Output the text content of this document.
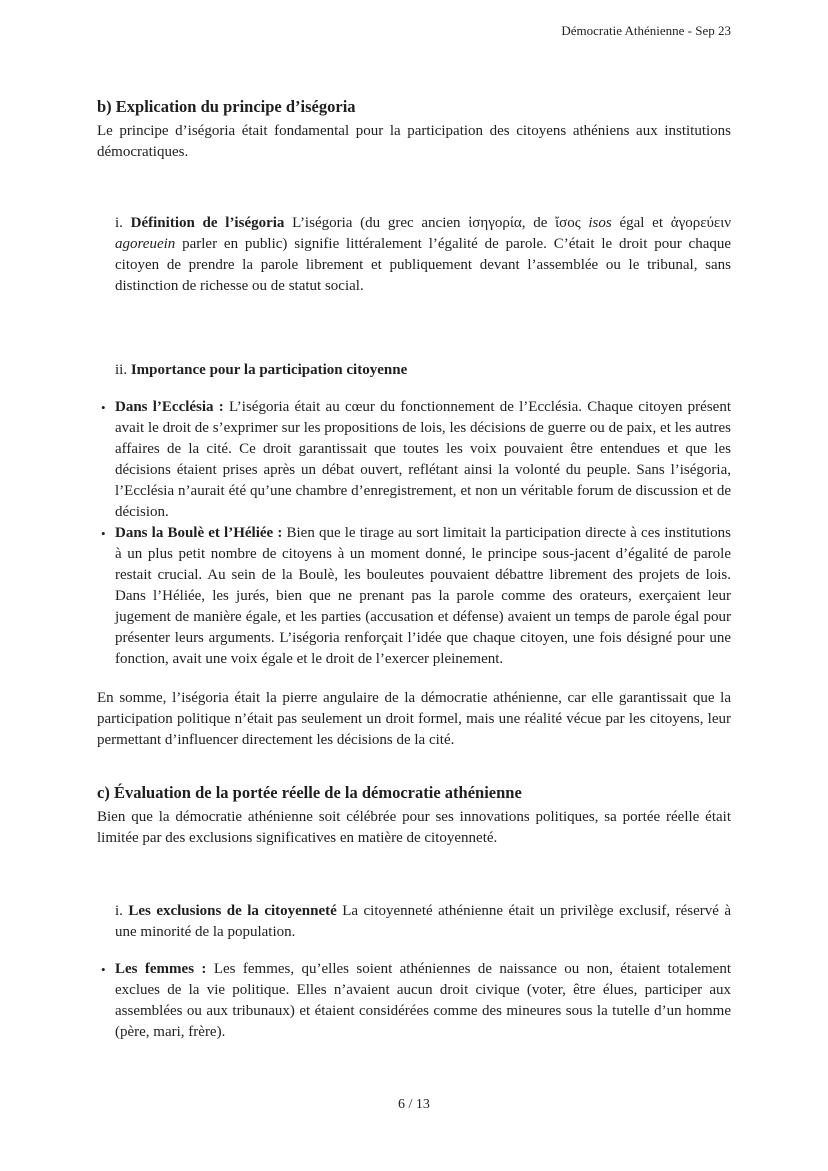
Démocratie Athénienne - Sep 23
b) Explication du principe d’iségoria

Le principe d’iségoria était fondamental pour la participation des citoyens athéniens aux institutions démocratiques.

i. Définition de l’iségoria L’iségoria (du grec ancien ἰσηγορία, de ἴσος isos égal et ἀγορεύειν agoreuein parler en public) signifie littéralement l’égalité de parole. C’était le droit pour chaque citoyen de prendre la parole librement et publiquement devant l’assemblée ou le tribunal, sans distinction de richesse ou de statut social.

ii. Importance pour la participation citoyenne

• Dans l’Ecclésia : L’iségoria était au cœur du fonctionnement de l’Ecclésia. Chaque citoyen présent avait le droit de s’exprimer sur les propositions de lois, les décisions de guerre ou de paix, et les autres affaires de la cité. Ce droit garantissait que toutes les voix pouvaient être entendues et que les décisions étaient prises après un débat ouvert, reflétant ainsi la volonté du peuple. Sans l’iségoria, l’Ecclésia n’aurait été qu’une chambre d’enregistrement, et non un véritable forum de discussion et de décision.
• Dans la Boulè et l’Héliée : Bien que le tirage au sort limitait la participation directe à ces institutions à un plus petit nombre de citoyens à un moment donné, le principe sous-jacent d’égalité de parole restait crucial. Au sein de la Boulè, les bouleutes pouvaient débattre librement des projets de lois. Dans l’Héliée, les jurés, bien que ne prenant pas la parole comme des orateurs, exerçaient leur jugement de manière égale, et les parties (accusation et défense) avaient un temps de parole égal pour présenter leurs arguments. L’iségoria renforçait l’idée que chaque citoyen, une fois désigné pour une fonction, avait une voix égale et le droit de l’exercer pleinement.

En somme, l’iségoria était la pierre angulaire de la démocratie athénienne, car elle garantissait que la participation politique n’était pas seulement un droit formel, mais une réalité vécue par les citoyens, leur permettant d’influencer directement les décisions de la cité.

c) Évaluation de la portée réelle de la démocratie athénienne

Bien que la démocratie athénienne soit célébrée pour ses innovations politiques, sa portée réelle était limitée par des exclusions significatives en matière de citoyenneté.

i. Les exclusions de la citoyenneté La citoyenneté athénienne était un privilège exclusif, réservé à une minorité de la population.

• Les femmes : Les femmes, qu’elles soient athéniennes de naissance ou non, étaient totalement exclues de la vie politique. Elles n’avaient aucun droit civique (voter, être élues, participer aux assemblées ou aux tribunaux) et étaient considérées comme des mineures sous la tutelle d’un homme (père, mari, frère).
6 / 13
